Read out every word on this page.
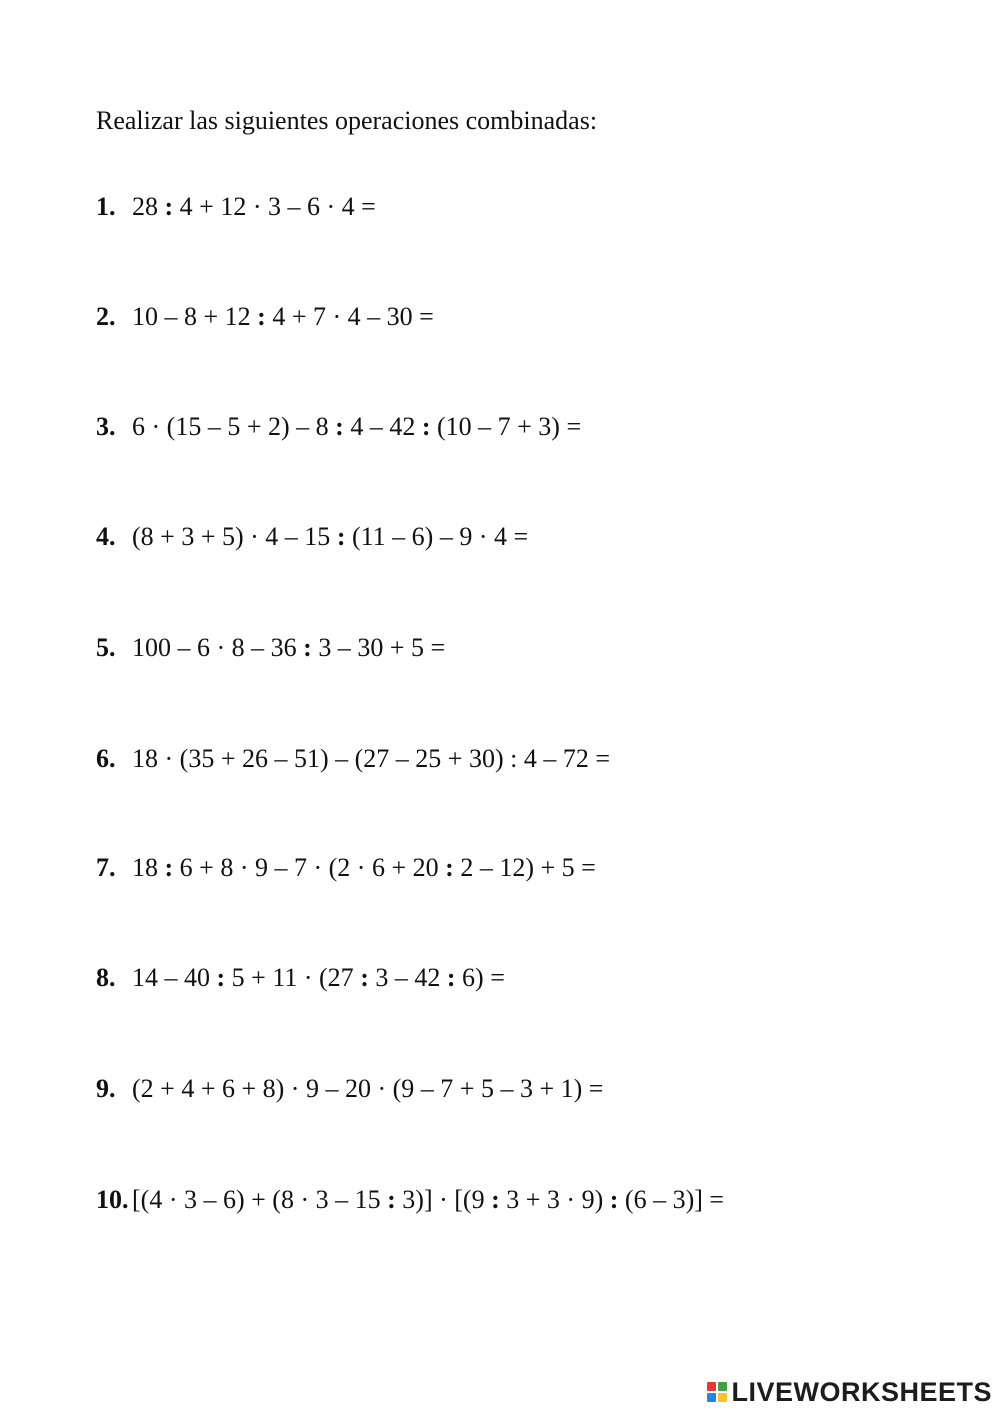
Realizar las siguientes operaciones combinadas:
1. 28 : 4 + 12 · 3 – 6 · 4 =
2. 10 – 8 + 12 : 4 + 7 · 4 – 30 =
3. 6 · (15 – 5 + 2) – 8 : 4 – 42 : (10 – 7 + 3) =
4. (8 + 3 + 5) · 4 – 15 : (11 – 6) – 9 · 4 =
5. 100 – 6 · 8 – 36 : 3 – 30 + 5 =
6. 18 · (35 + 26 – 51) – (27 – 25 + 30) : 4 – 72 =
7. 18 : 6 + 8 · 9 – 7 · (2 · 6 + 20 : 2 – 12) + 5 =
8. 14 – 40 : 5 + 11 · (27 : 3 – 42 : 6) =
9. (2 + 4 + 6 + 8) · 9 – 20 · (9 – 7 + 5 – 3 + 1) =
10. [(4 · 3 – 6) + (8 · 3 – 15 : 3)] · [(9 : 3 + 3 · 9) : (6 – 3)] =
LIVEWORKSHEETS
